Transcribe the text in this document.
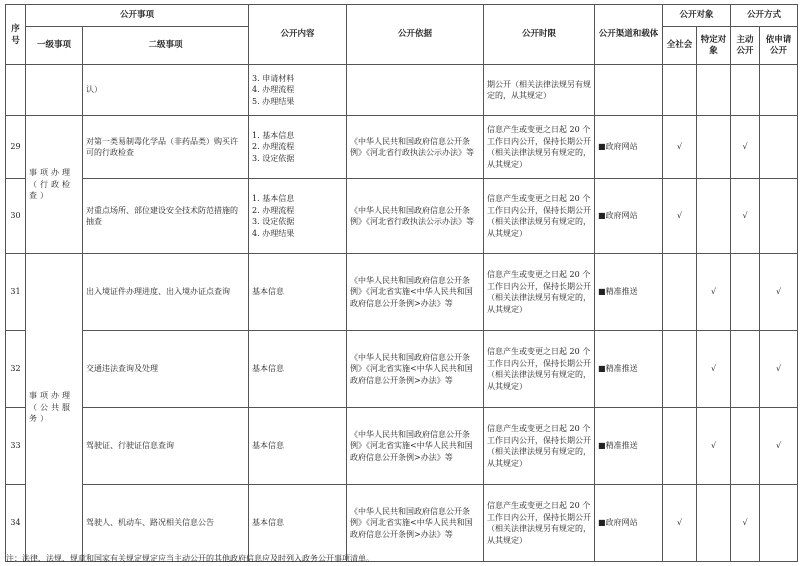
序号	公开事项		公开内容	公开依据	公开时限	公开渠道和载体	公开对象		公开方式	
	一级事项	二级事项					全社会	特定对象	主动公开	依申请公开
		认）	3. 申请材料
4. 办理流程
5. 办理结果		期公开（相关法律法规另有规定的，从其规定）					
29	事项办理（行政检查）	对第一类易制毒化学品（非药品类）购买许可的行政检查	1. 基本信息
2. 办理流程
3. 设定依据	《中华人民共和国政府信息公开条例》《河北省行政执法公示办法》等	信息产生或变更之日起 20 个工作日内公开，保持长期公开（相关法律法规另有规定的，从其规定）	■政府网站	√		√	
30		对重点场所、部位建设安全技术防范措施的抽查	1. 基本信息
2. 办理流程
3. 设定依据
4. 办理结果	《中华人民共和国政府信息公开条例》《河北省行政执法公示办法》等	信息产生或变更之日起 20 个工作日内公开，保持长期公开（相关法律法规另有规定的，从其规定）	■政府网站	√		√	
31	事项办理（公共服务）	出入境证件办理进度、出入境办证点查询	基本信息	《中华人民共和国政府信息公开条例》《河北省实施<中华人民共和国政府信息公开条例>办法》等	信息产生或变更之日起 20 个工作日内公开，保持长期公开（相关法律法规另有规定的，从其规定）	■精准推送		√		√
32		交通违法查询及处理	基本信息	《中华人民共和国政府信息公开条例》《河北省实施<中华人民共和国政府信息公开条例>办法》等	信息产生或变更之日起 20 个工作日内公开，保持长期公开（相关法律法规另有规定的，从其规定）	■精准推送		√		√
33		驾驶证、行驶证信息查询	基本信息	《中华人民共和国政府信息公开条例》《河北省实施<中华人民共和国政府信息公开条例>办法》等	信息产生或变更之日起 20 个工作日内公开，保持长期公开（相关法律法规另有规定的，从其规定）	■精准推送		√		√
34		驾驶人、机动车、路况相关信息公告	基本信息	《中华人民共和国政府信息公开条例》《河北省实施<中华人民共和国政府信息公开条例>办法》等	信息产生或变更之日起 20 个工作日内公开，保持长期公开（相关法律法规另有规定的，从其规定）	■政府网站	√		√	
注：法律、法规、规章和国家有关规定规定应当主动公开的其他政府信息应及时列入政务公开事项清单。
